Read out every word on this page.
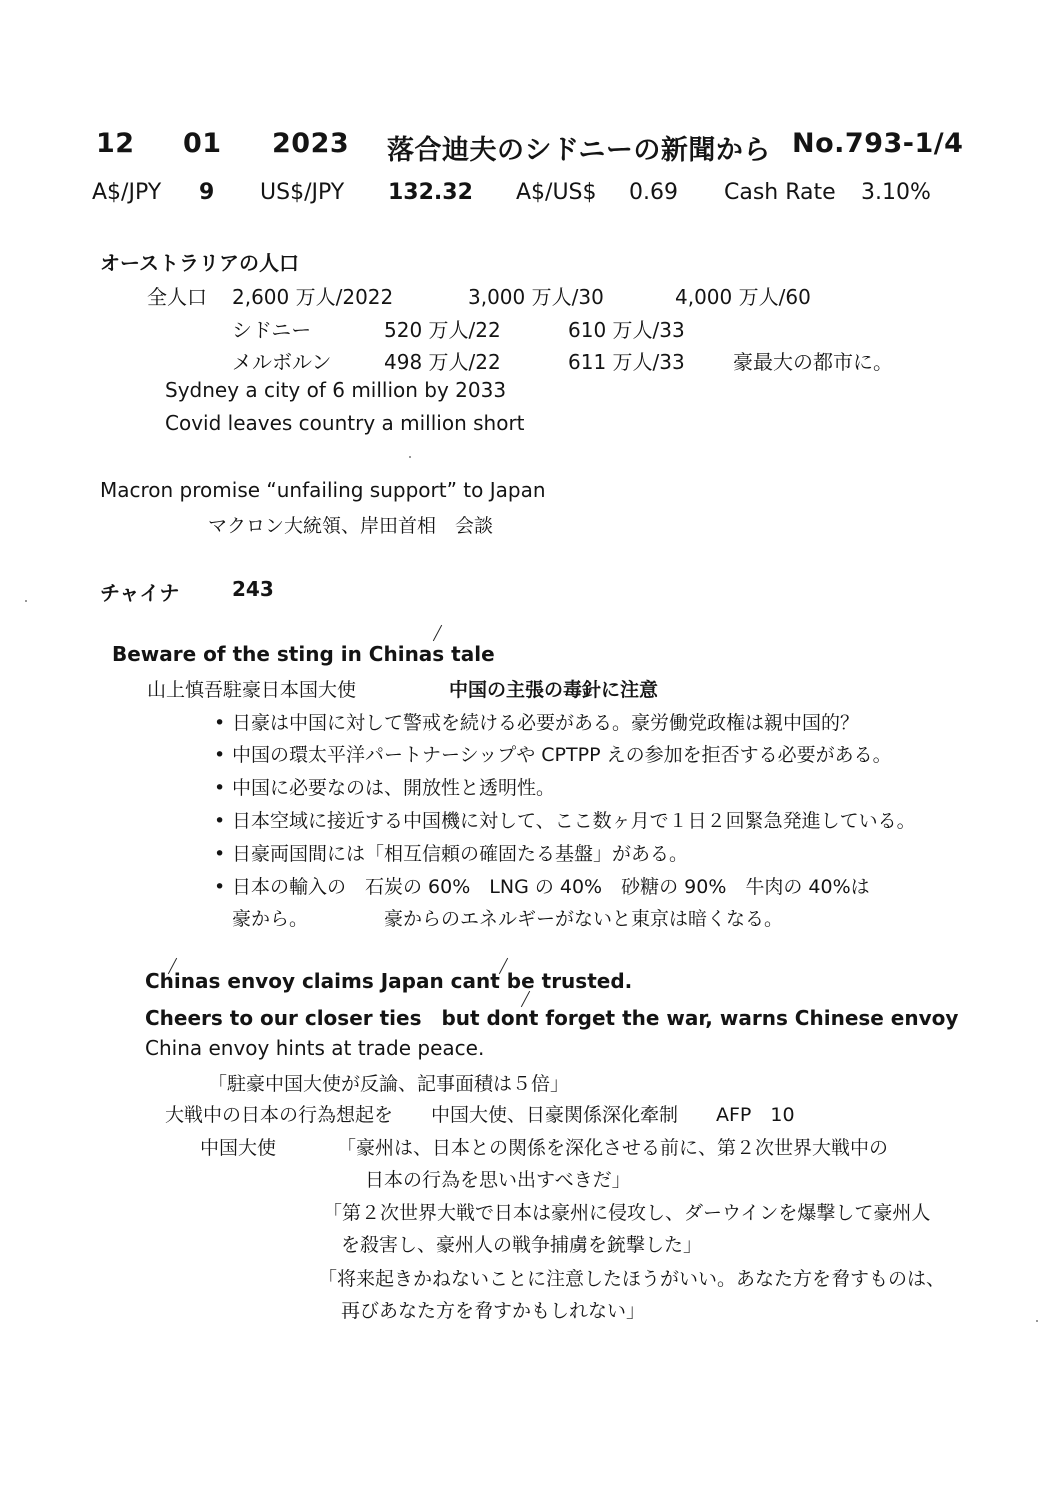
12 01 2023 落合迪夫のシドニーの新聞から No.793-1/4
A$/JPY 9 US$/JPY 132.32 A$/US$ 0.69 Cash Rate 3.10%
オーストラリアの人口
全人口 2,600 万人/2022	3,000 万人/30	4,000 万人/60
シドニー	520 万人/22	610 万人/33
メルボルン	498 万人/22	611 万人/33 豪最大の都市に。
Sydney a city of 6 million by 2033
Covid leaves country a million short
Macron promise “unfailing support” to Japan
マクロン大統領、岸田首相　会談
チャイナ	243
Beware of the sting in Chinas tale
山上慎吾駐豪日本国大使	中国の主張の毒針に注意
• 日豪は中国に対して警戒を続ける必要がある。豪労働党政権は親中国的？
• 中国の環太平洋パートナーシップや CPTPP えの参加を拒否する必要がある。
• 中国に必要なのは、開放性と透明性。
• 日本空域に接近する中国機に対して、ここ数ヶ月で１日２回緊急発進している。
• 日豪両国間には「相互信頼の確固たる基盤」がある。
• 日本の輸入の　石炭の 60%　LNG の 40%　砂糖の 90%　牛肉の 40%は
豪から。	豪からのエネルギーがないと東京は暗くなる。
Chinas envoy claims Japan cant be trusted.
Cheers to our closer ties　but dont forget the war, warns Chinese envoy
China envoy hints at trade peace.
「駐豪中国大使が反論、記事面積は５倍」
大戦中の日本の行為想起を　　中国大使、日豪関係深化牽制　　AFP　10
中国大使	「豪州は、日本との関係を深化させる前に、第２次世界大戦中の
日本の行為を思い出すべきだ」
「第２次世界大戦で日本は豪州に侵攻し、ダーウインを爆撃して豪州人
を殺害し、豪州人の戦争捕虜を銃撃した」
「将来起きかねないことに注意したほうがいい。あなた方を脅すものは、
再びあなた方を脅すかもしれない」
